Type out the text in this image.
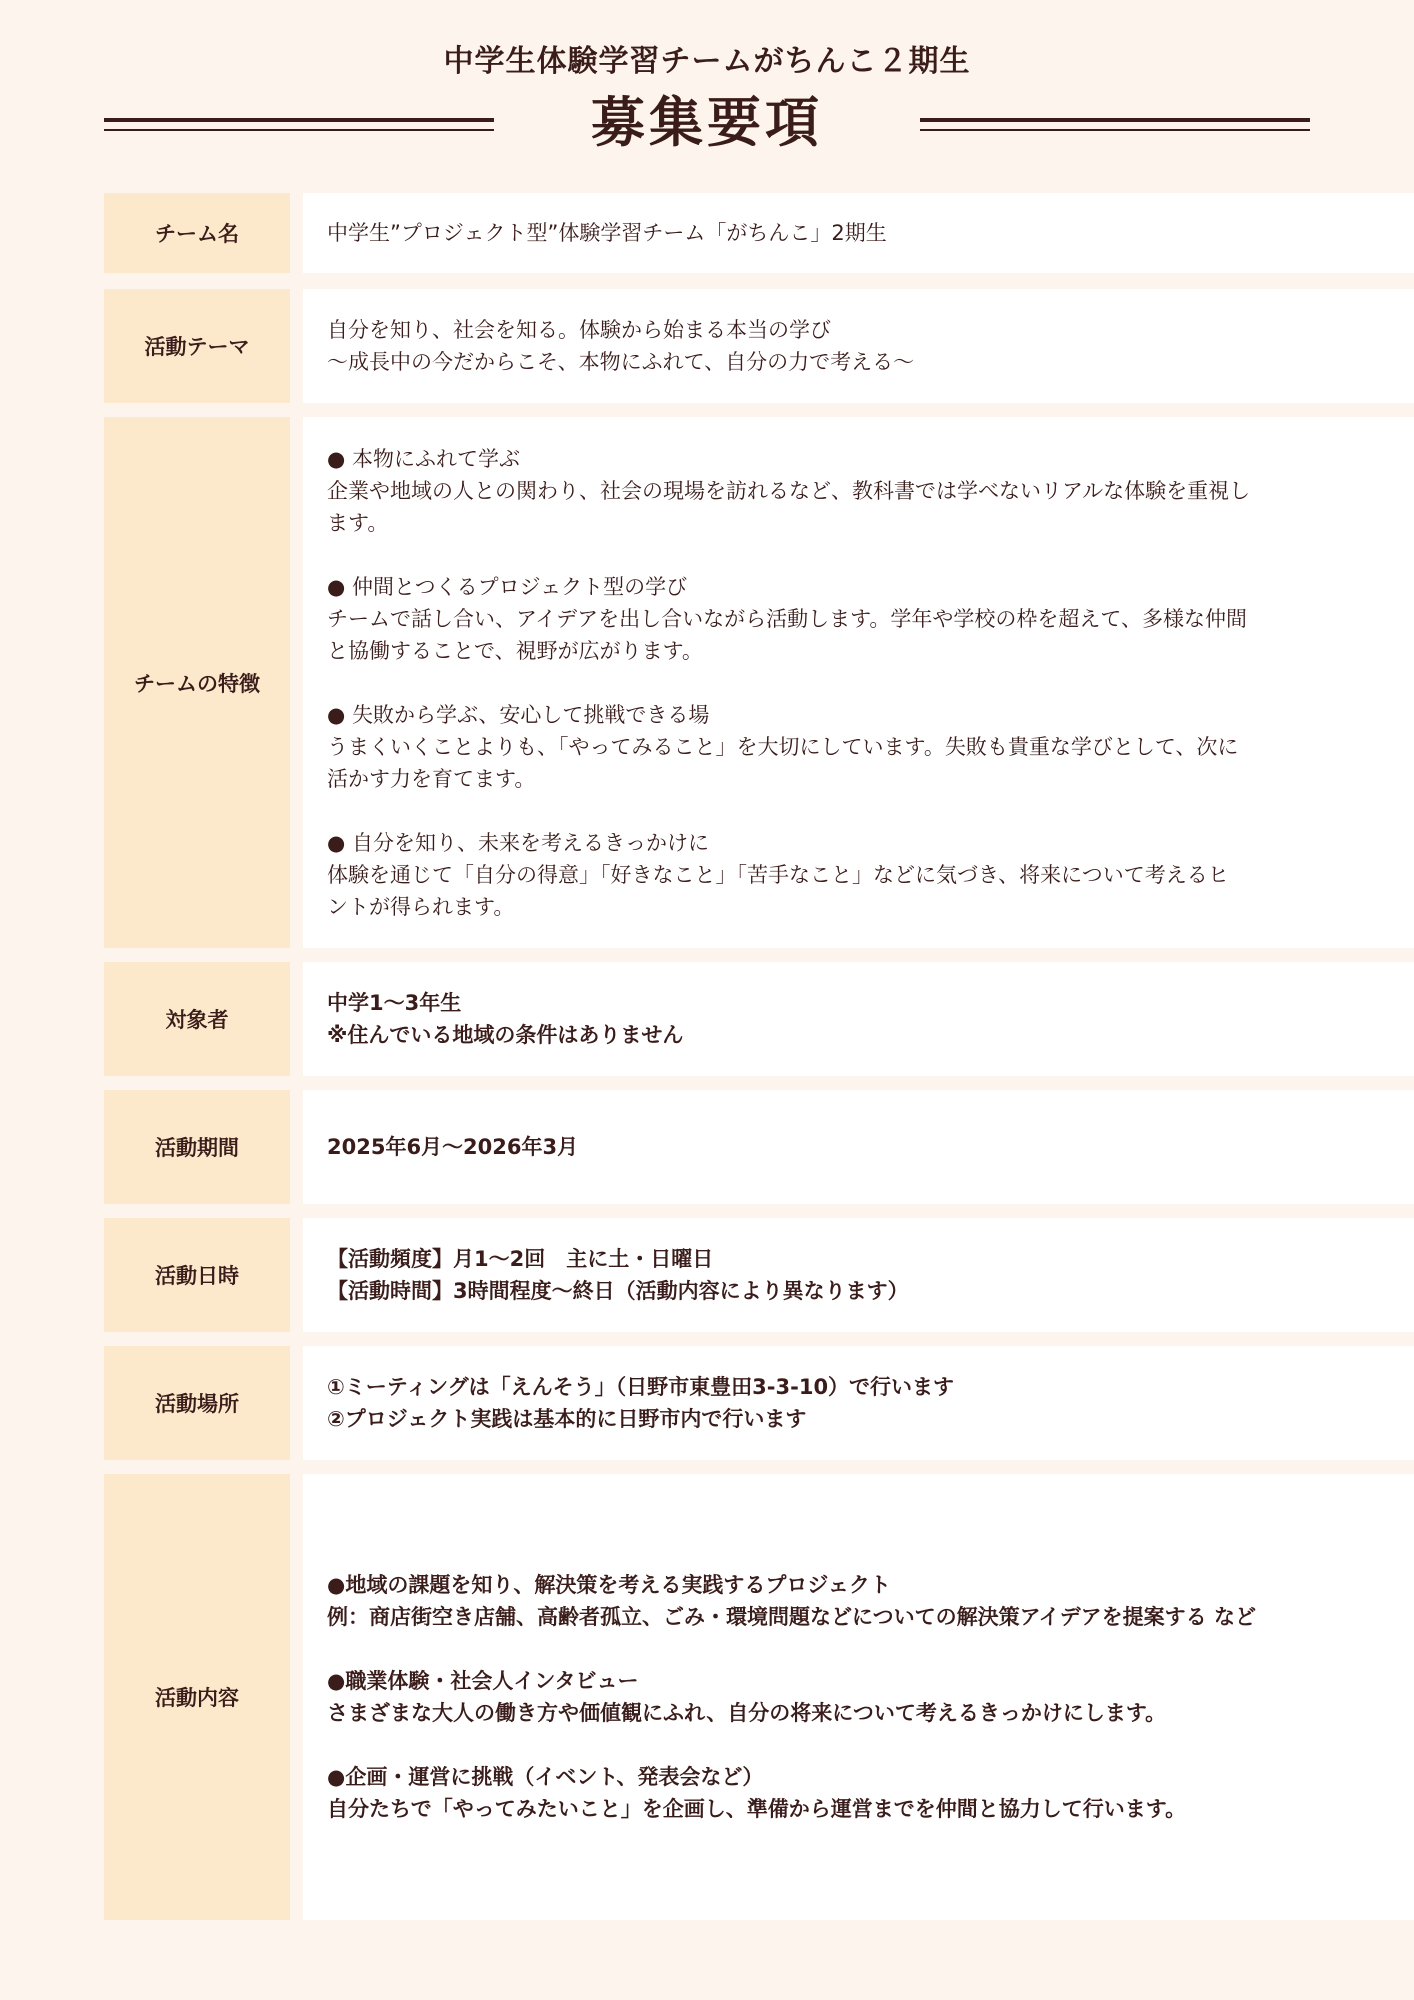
中学生体験学習チームがちんこ２期生
募集要項
チーム名	中学生”プロジェクト型”体験学習チーム「がちんこ」2期生
活動テーマ
自分を知り、社会を知る。体験から始まる本当の学び
～成長中の今だからこそ、本物にふれて、自分の力で考える～
チームの特徴
● 本物にふれて学ぶ
企業や地域の人との関わり、社会の現場を訪れるなど、教科書では学べないリアルな体験を重視し
ます。
● 仲間とつくるプロジェクト型の学び
チームで話し合い、アイデアを出し合いながら活動します。学年や学校の枠を超えて、多様な仲間
と協働することで、視野が広がります。
● 失敗から学ぶ、安心して挑戦できる場
うまくいくことよりも、「やってみること」を大切にしています。失敗も貴重な学びとして、次に
活かす力を育てます。
● 自分を知り、未来を考えるきっかけに
体験を通じて「自分の得意」「好きなこと」「苦手なこと」などに気づき、将来について考えるヒ
ントが得られます。
対象者
中学1〜3年生
※住んでいる地域の条件はありません
活動期間	2025年6月〜2026年3月
活動日時
【活動頻度】月1〜2回　主に土・日曜日
【活動時間】3時間程度〜終日（活動内容により異なります）
活動場所
①ミーティングは「えんそう」（日野市東豊田3-3-10）で行います
②プロジェクト実践は基本的に日野市内で行います
活動内容
●地域の課題を知り、解決策を考える実践するプロジェクト
例：商店街空き店舗、高齢者孤立、ごみ・環境問題などについての解決策アイデアを提案する など
●職業体験・社会人インタビュー
さまざまな大人の働き方や価値観にふれ、自分の将来について考えるきっかけにします。
●企画・運営に挑戦（イベント、発表会など）
自分たちで「やってみたいこと」を企画し、準備から運営までを仲間と協力して行います。
